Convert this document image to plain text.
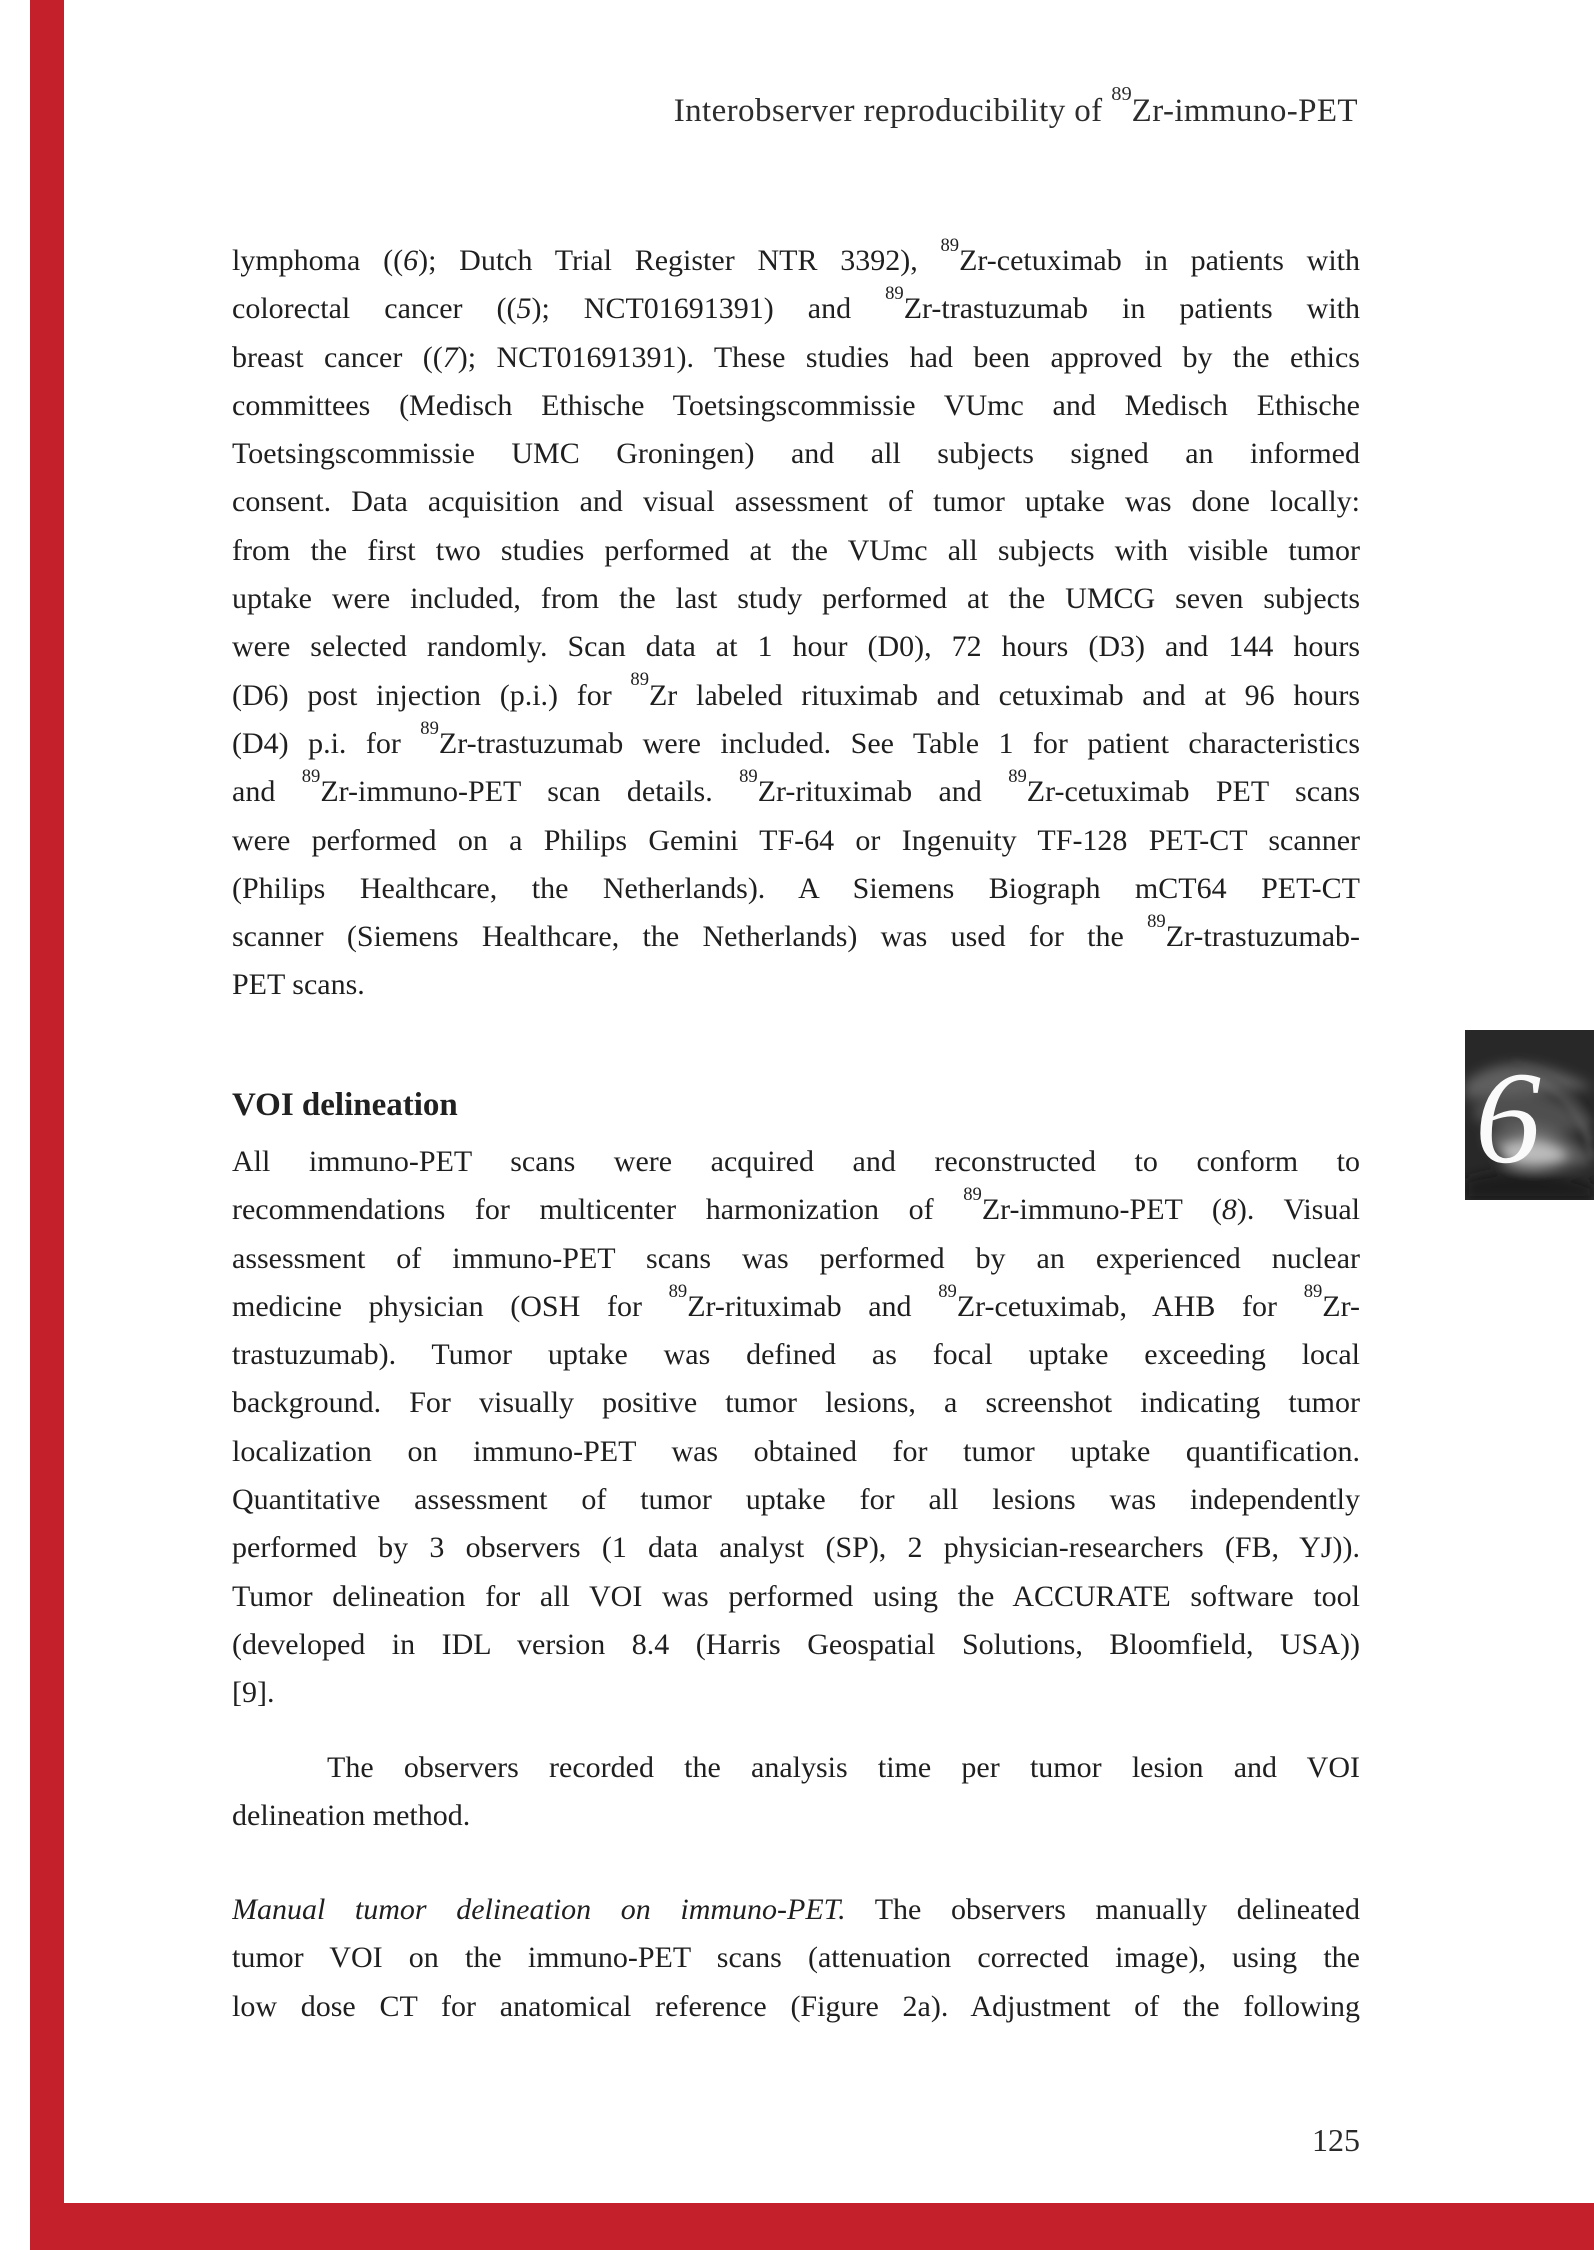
Interobserver reproducibility of $^{89}$Zr-immuno-PET
lymphoma ((6); Dutch Trial Register NTR 3392), $^{89}$Zr-cetuximab in patients with
colorectal cancer ((5); NCT01691391) and $^{89}$Zr-trastuzumab in patients with
breast cancer ((7); NCT01691391). These studies had been approved by the ethics
committees (Medisch Ethische Toetsingscommissie VUmc and Medisch Ethische
Toetsingscommissie UMC Groningen) and all subjects signed an informed
consent. Data acquisition and visual assessment of tumor uptake was done locally:
from the first two studies performed at the VUmc all subjects with visible tumor
uptake were included, from the last study performed at the UMCG seven subjects
were selected randomly. Scan data at 1 hour (D0), 72 hours (D3) and 144 hours
(D6) post injection (p.i.) for $^{89}$Zr labeled rituximab and cetuximab and at 96 hours
(D4) p.i. for $^{89}$Zr-trastuzumab were included. See Table 1 for patient characteristics
and $^{89}$Zr-immuno-PET scan details. $^{89}$Zr-rituximab and $^{89}$Zr-cetuximab PET scans
were performed on a Philips Gemini TF-64 or Ingenuity TF-128 PET-CT scanner
(Philips Healthcare, the Netherlands). A Siemens Biograph mCT64 PET-CT
scanner (Siemens Healthcare, the Netherlands) was used for the $^{89}$Zr-trastuzumab-
PET scans.
VOI delineation
All immuno-PET scans were acquired and reconstructed to conform to
recommendations for multicenter harmonization of $^{89}$Zr-immuno-PET (8). Visual
assessment of immuno-PET scans was performed by an experienced nuclear
medicine physician (OSH for $^{89}$Zr-rituximab and $^{89}$Zr-cetuximab, AHB for $^{89}$Zr-
trastuzumab). Tumor uptake was defined as focal uptake exceeding local
background. For visually positive tumor lesions, a screenshot indicating tumor
localization on immuno-PET was obtained for tumor uptake quantification.
Quantitative assessment of tumor uptake for all lesions was independently
performed by 3 observers (1 data analyst (SP), 2 physician-researchers (FB, YJ)).
Tumor delineation for all VOI was performed using the ACCURATE software tool
(developed in IDL version 8.4 (Harris Geospatial Solutions, Bloomfield, USA))
[9].
The observers recorded the analysis time per tumor lesion and VOI
delineation method.
Manual tumor delineation on immuno-PET. The observers manually delineated
tumor VOI on the immuno-PET scans (attenuation corrected image), using the
low dose CT for anatomical reference (Figure 2a). Adjustment of the following
6
125
